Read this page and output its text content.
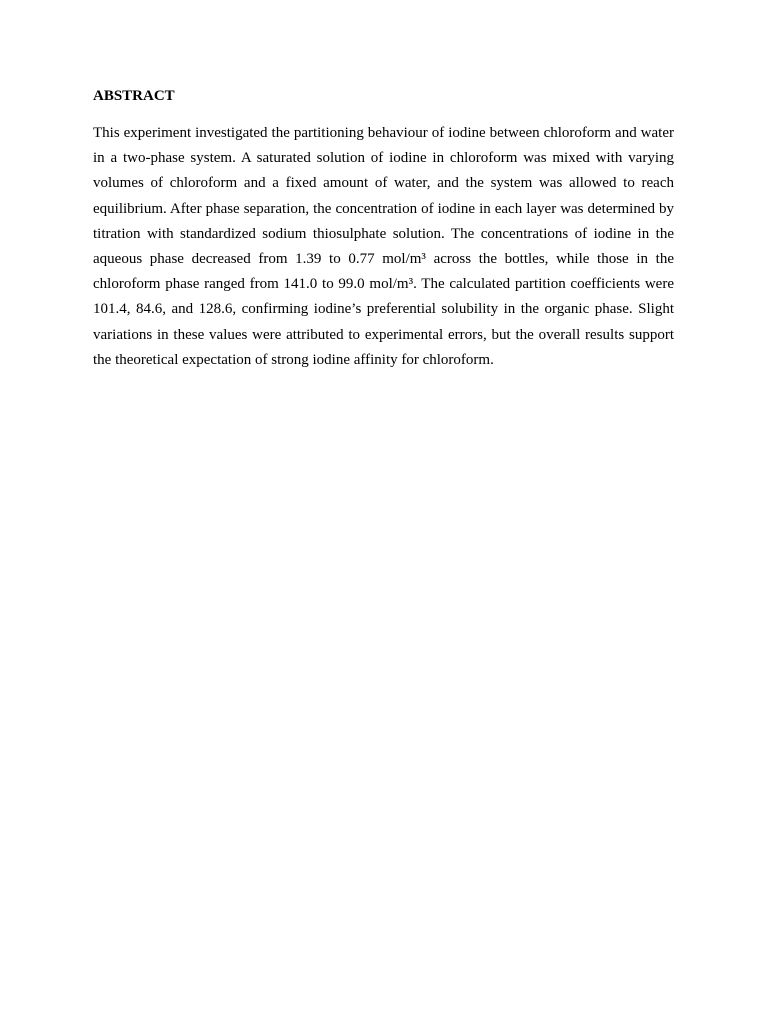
ABSTRACT

This experiment investigated the partitioning behaviour of iodine between chloroform and water in a two-phase system. A saturated solution of iodine in chloroform was mixed with varying volumes of chloroform and a fixed amount of water, and the system was allowed to reach equilibrium. After phase separation, the concentration of iodine in each layer was determined by titration with standardized sodium thiosulphate solution. The concentrations of iodine in the aqueous phase decreased from 1.39 to 0.77 mol/m³ across the bottles, while those in the chloroform phase ranged from 141.0 to 99.0 mol/m³. The calculated partition coefficients were 101.4, 84.6, and 128.6, confirming iodine’s preferential solubility in the organic phase. Slight variations in these values were attributed to experimental errors, but the overall results support the theoretical expectation of strong iodine affinity for chloroform.
